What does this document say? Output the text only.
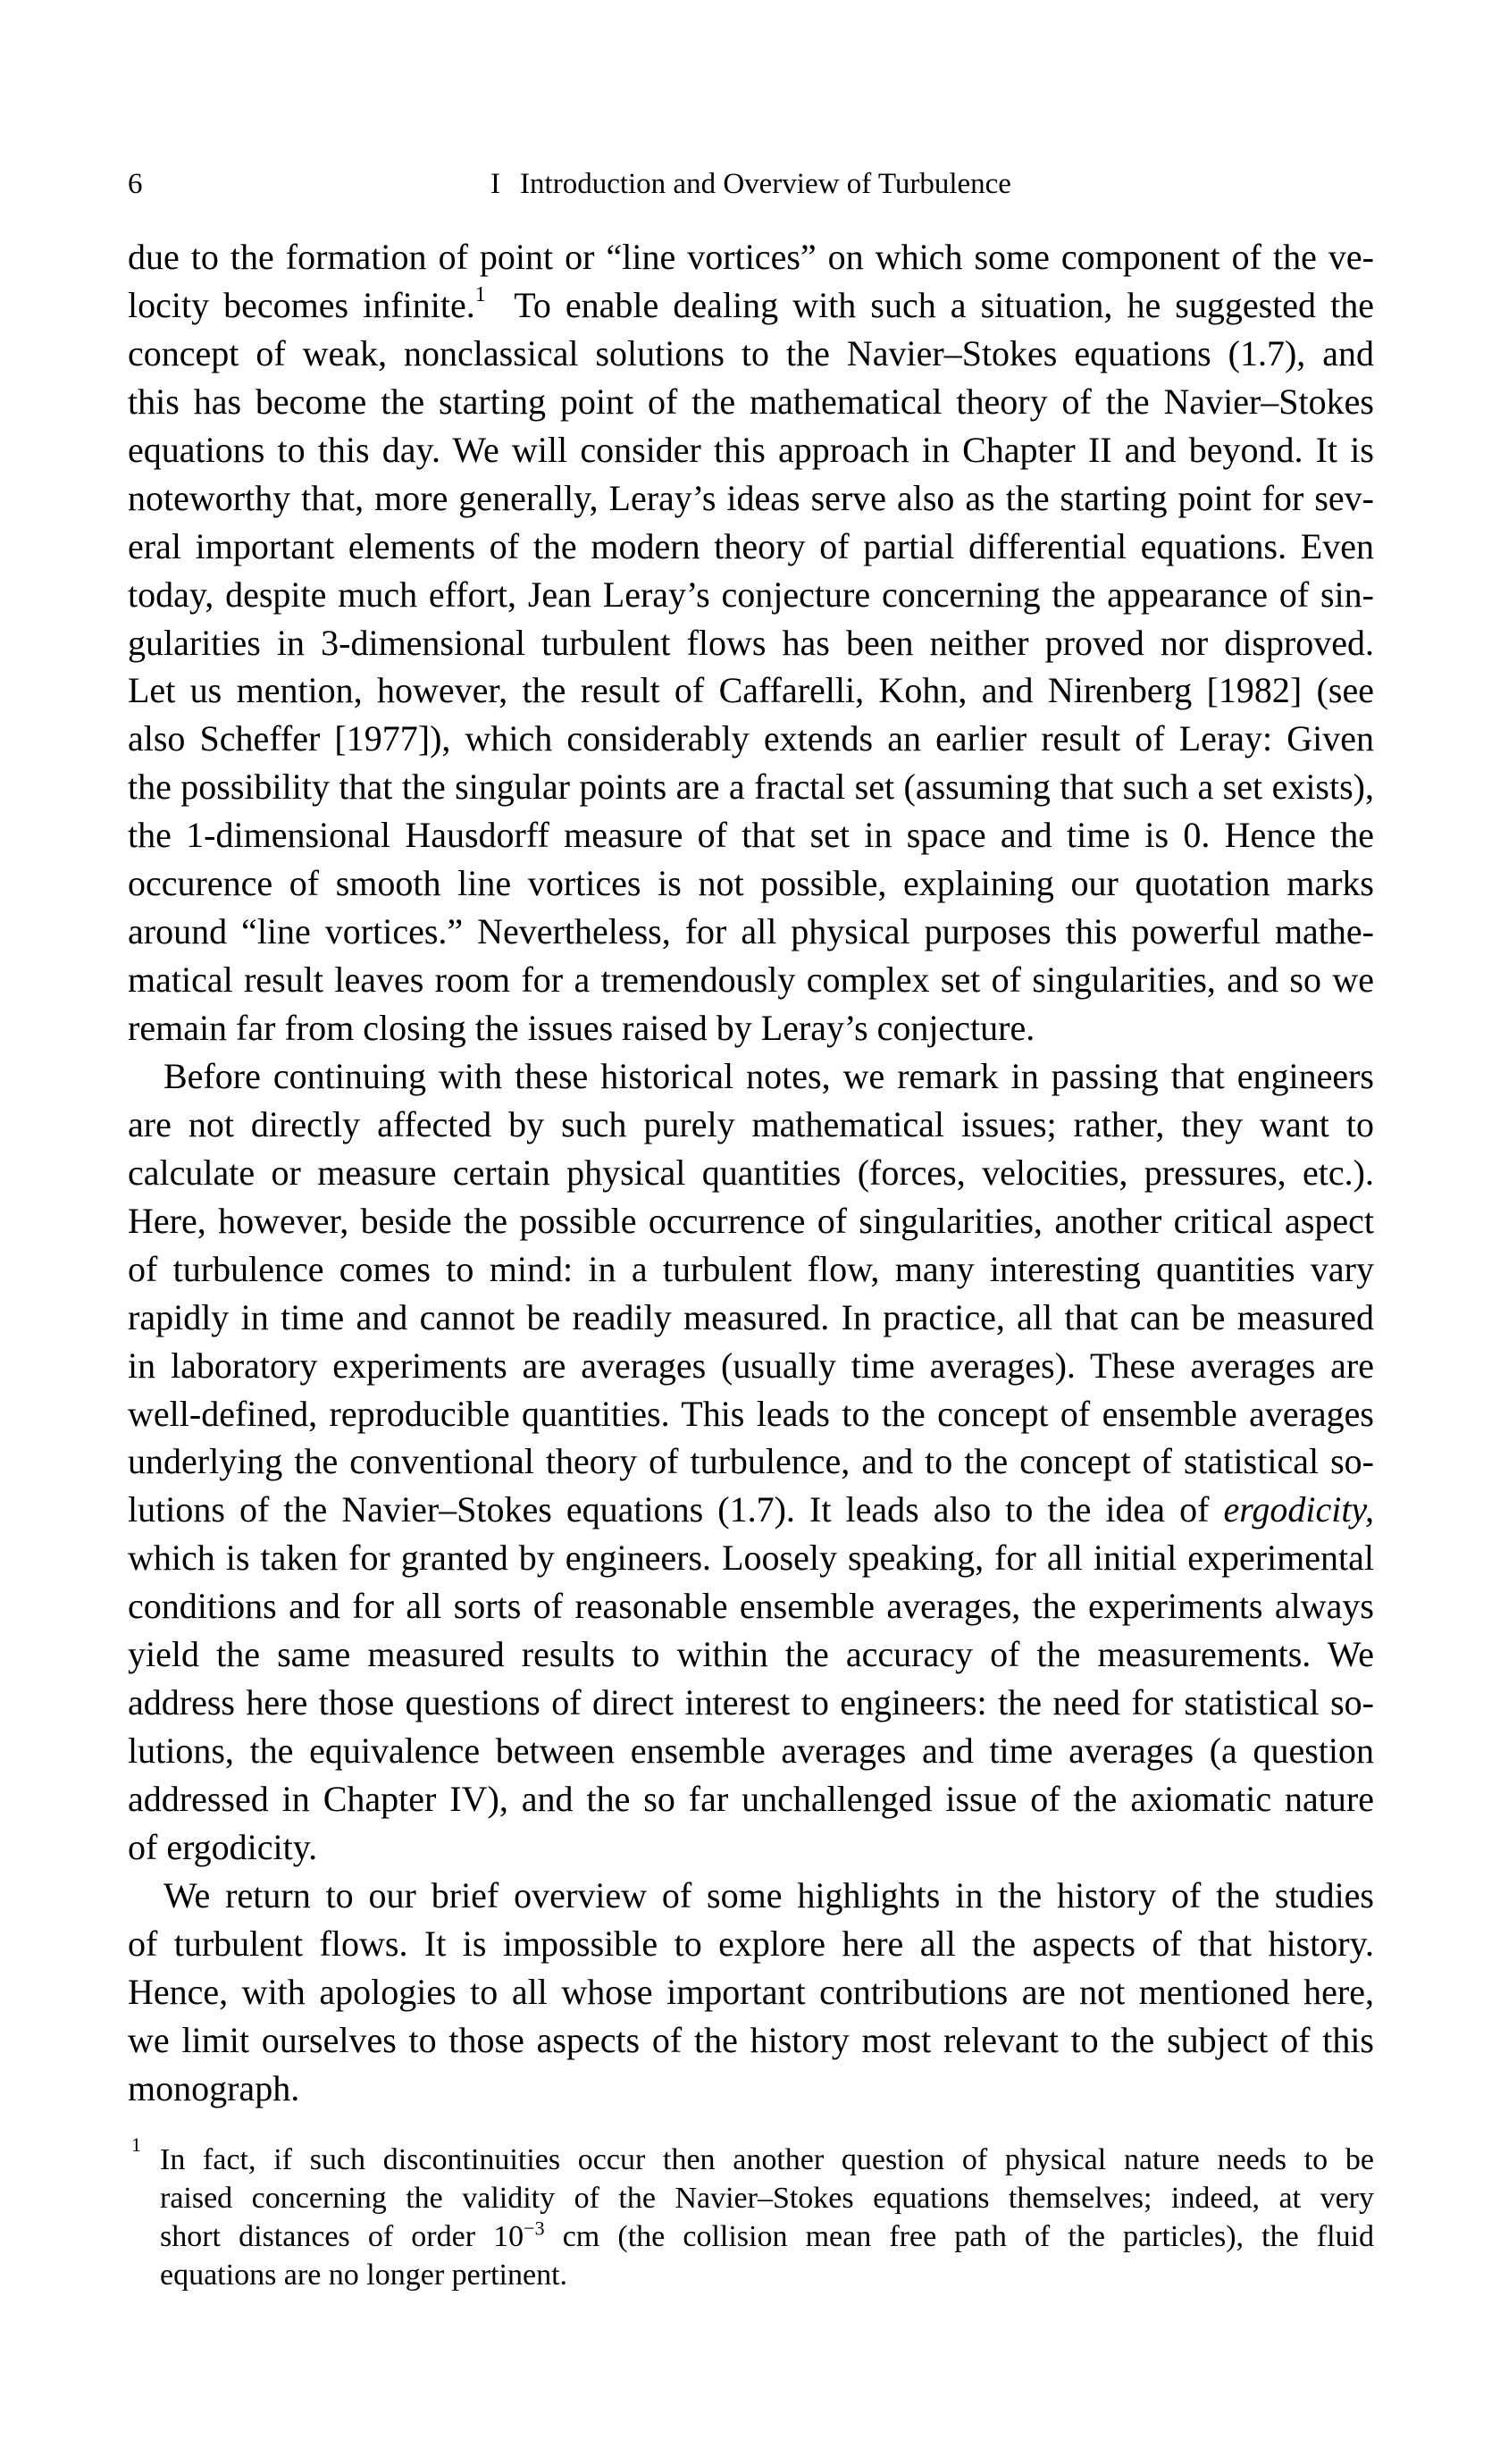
6	I Introduction and Overview of Turbulence
due to the formation of point or “line vortices” on which some component of the ve-
locity becomes infinite.$^1$ To enable dealing with such a situation, he suggested the
concept of weak, nonclassical solutions to the Navier–Stokes equations (1.7), and
this has become the starting point of the mathematical theory of the Navier–Stokes
equations to this day. We will consider this approach in Chapter II and beyond. It is
noteworthy that, more generally, Leray’s ideas serve also as the starting point for sev-
eral important elements of the modern theory of partial differential equations. Even
today, despite much effort, Jean Leray’s conjecture concerning the appearance of sin-
gularities in 3-dimensional turbulent flows has been neither proved nor disproved.
Let us mention, however, the result of Caffarelli, Kohn, and Nirenberg [1982] (see
also Scheffer [1977]), which considerably extends an earlier result of Leray: Given
the possibility that the singular points are a fractal set (assuming that such a set exists),
the 1-dimensional Hausdorff measure of that set in space and time is 0. Hence the
occurence of smooth line vortices is not possible, explaining our quotation marks
around “line vortices.” Nevertheless, for all physical purposes this powerful mathe-
matical result leaves room for a tremendously complex set of singularities, and so we
remain far from closing the issues raised by Leray’s conjecture.
Before continuing with these historical notes, we remark in passing that engineers
are not directly affected by such purely mathematical issues; rather, they want to
calculate or measure certain physical quantities (forces, velocities, pressures, etc.).
Here, however, beside the possible occurrence of singularities, another critical aspect
of turbulence comes to mind: in a turbulent flow, many interesting quantities vary
rapidly in time and cannot be readily measured. In practice, all that can be measured
in laboratory experiments are averages (usually time averages). These averages are
well-defined, reproducible quantities. This leads to the concept of ensemble averages
underlying the conventional theory of turbulence, and to the concept of statistical so-
lutions of the Navier–Stokes equations (1.7). It leads also to the idea of ergodicity,
which is taken for granted by engineers. Loosely speaking, for all initial experimental
conditions and for all sorts of reasonable ensemble averages, the experiments always
yield the same measured results to within the accuracy of the measurements. We
address here those questions of direct interest to engineers: the need for statistical so-
lutions, the equivalence between ensemble averages and time averages (a question
addressed in Chapter IV), and the so far unchallenged issue of the axiomatic nature
of ergodicity.
We return to our brief overview of some highlights in the history of the studies
of turbulent flows. It is impossible to explore here all the aspects of that history.
Hence, with apologies to all whose important contributions are not mentioned here,
we limit ourselves to those aspects of the history most relevant to the subject of this
monograph.
1 In fact, if such discontinuities occur then another question of physical nature needs to be
raised concerning the validity of the Navier–Stokes equations themselves; indeed, at very
short distances of order $10^{-3}$ cm (the collision mean free path of the particles), the fluid
equations are no longer pertinent.
